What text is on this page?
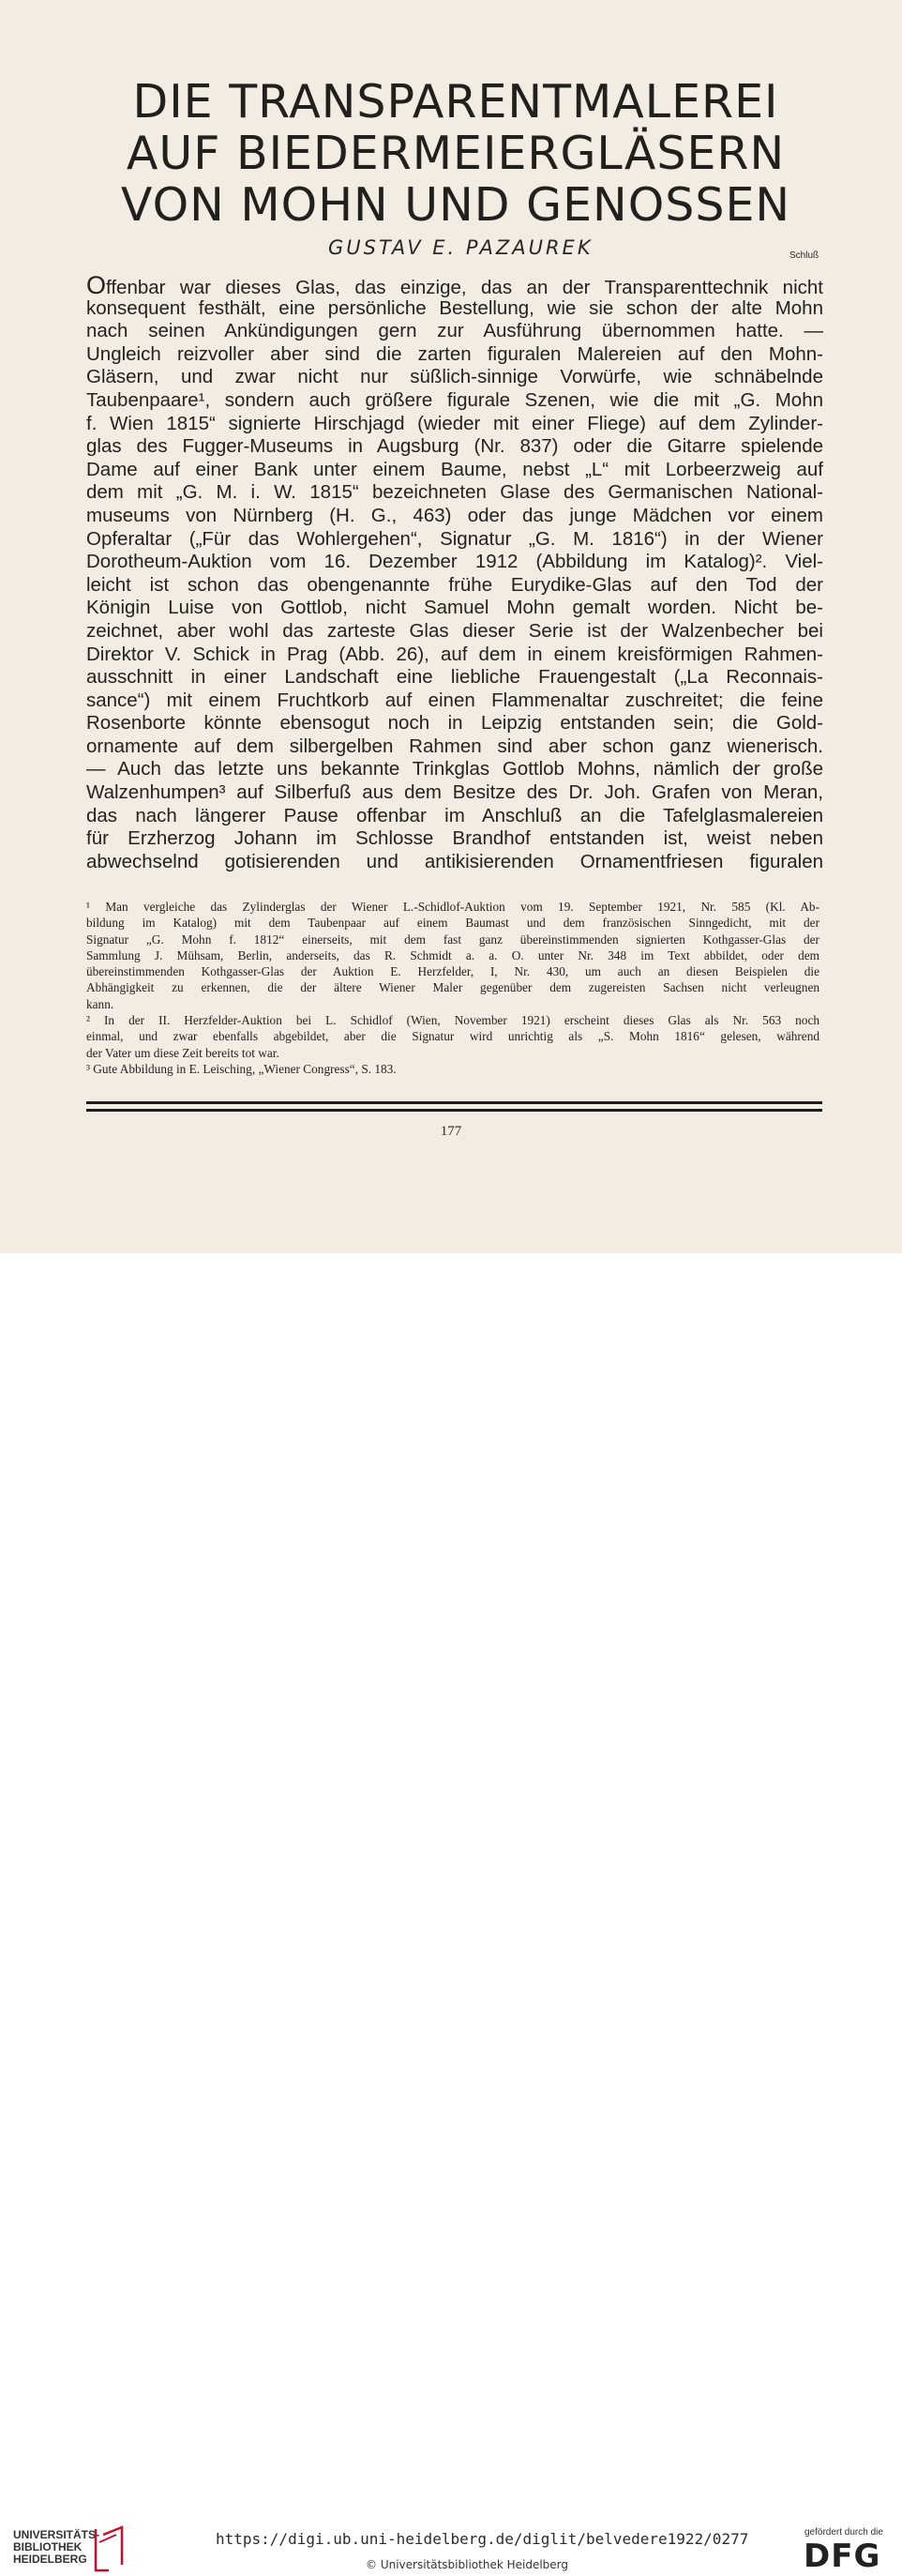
DIE TRANSPARENTMALEREI
AUF BIEDERMEIERGLÄSERN
VON MOHN UND GENOSSEN
GUSTAV E. PAZAUREK	Schluß
Offenbar war dieses Glas, das einzige, das an der Transparenttechnik nicht
konsequent festhält, eine persönliche Bestellung, wie sie schon der alte Mohn
nach seinen Ankündigungen gern zur Ausführung übernommen hatte. —
Ungleich reizvoller aber sind die zarten figuralen Malereien auf den Mohn-
Gläsern, und zwar nicht nur süßlich-sinnige Vorwürfe, wie schnäbelnde
Taubenpaare¹, sondern auch größere figurale Szenen, wie die mit „G. Mohn
f. Wien 1815“ signierte Hirschjagd (wieder mit einer Fliege) auf dem Zylinder-
glas des Fugger-Museums in Augsburg (Nr. 837) oder die Gitarre spielende
Dame auf einer Bank unter einem Baume, nebst „L“ mit Lorbeerzweig auf
dem mit „G. M. i. W. 1815“ bezeichneten Glase des Germanischen National-
museums von Nürnberg (H. G., 463) oder das junge Mädchen vor einem
Opferaltar („Für das Wohlergehen“, Signatur „G. M. 1816“) in der Wiener
Dorotheum-Auktion vom 16. Dezember 1912 (Abbildung im Katalog)². Viel-
leicht ist schon das obengenannte frühe Eurydike-Glas auf den Tod der
Königin Luise von Gottlob, nicht Samuel Mohn gemalt worden. Nicht be-
zeichnet, aber wohl das zarteste Glas dieser Serie ist der Walzenbecher bei
Direktor V. Schick in Prag (Abb. 26), auf dem in einem kreisförmigen Rahmen-
ausschnitt in einer Landschaft eine liebliche Frauengestalt („La Reconnais-
sance“) mit einem Fruchtkorb auf einen Flammenaltar zuschreitet; die feine
Rosenborte könnte ebensogut noch in Leipzig entstanden sein; die Gold-
ornamente auf dem silbergelben Rahmen sind aber schon ganz wienerisch.
— Auch das letzte uns bekannte Trinkglas Gottlob Mohns, nämlich der große
Walzenhumpen³ auf Silberfuß aus dem Besitze des Dr. Joh. Grafen von Meran,
das nach längerer Pause offenbar im Anschluß an die Tafelglasmalereien
für Erzherzog Johann im Schlosse Brandhof entstanden ist, weist neben
abwechselnd gotisierenden und antikisierenden Ornamentfriesen figuralen
¹ Man vergleiche das Zylinderglas der Wiener L.-Schidlof-Auktion vom 19. September 1921, Nr. 585 (Kl. Ab-
bildung im Katalog) mit dem Taubenpaar auf einem Baumast und dem französischen Sinngedicht, mit der
Signatur „G. Mohn f. 1812“ einerseits, mit dem fast ganz übereinstimmenden signierten Kothgasser-Glas der
Sammlung J. Mühsam, Berlin, anderseits, das R. Schmidt a. a. O. unter Nr. 348 im Text abbildet, oder dem
übereinstimmenden Kothgasser-Glas der Auktion E. Herzfelder, I, Nr. 430, um auch an diesen Beispielen die
Abhängigkeit zu erkennen, die der ältere Wiener Maler gegenüber dem zugereisten Sachsen nicht verleugnen
kann.
² In der II. Herzfelder-Auktion bei L. Schidlof (Wien, November 1921) erscheint dieses Glas als Nr. 563 noch
einmal, und zwar ebenfalls abgebildet, aber die Signatur wird unrichtig als „S. Mohn 1816“ gelesen, während
der Vater um diese Zeit bereits tot war.
³ Gute Abbildung in E. Leisching, „Wiener Congress“, S. 183.
177
UNIVERSITÄTS-
BIBLIOTHEK
HEIDELBERG
https://digi.ub.uni-heidelberg.de/diglit/belvedere1922/0277
© Universitätsbibliothek Heidelberg
gefördert durch die
DFG
